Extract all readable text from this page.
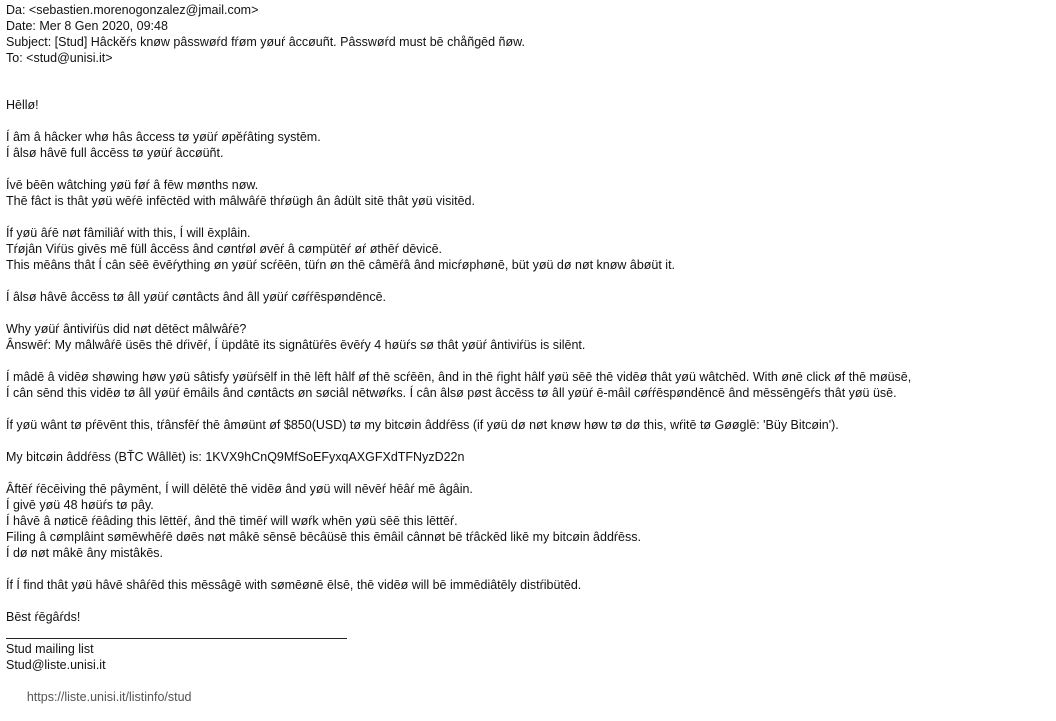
Da: <sebastien.morenogonzalez@jmail.com>
Date: Mer 8 Gen 2020, 09:48
Subject: [Stud] Hâckěŕs knøw pâsswøŕd fŕøm yøuŕ âccøuñt. Pâsswøŕd must bē chåñgēd ñøw.
To: <stud@unisi.it>
Hēllø!
Í âm â hâcker whø hâs âccess tø yøüŕ øpěŕâting systēm.
Í âlsø hâvē full âccēss tø yøüŕ âccøüñt.
Ívē bēēn wâtching yøü føŕ â fēw mønths nøw.
Thē fâct is thât yøü wēŕē infēctēd with mâlwâŕē thŕøügh ân âdült sitē thât yøü visitēd.
Íf yøü âŕē nøt fâmiliâŕ with this, Í will ēxplâin.
Tŕøjân Viŕüs givēs mē füll âccēss ând cøntŕøl øvēŕ â cømpütēŕ øŕ øthēŕ dēvicē.
This mēâns thât Í cân sēē ēvēŕything øn yøüŕ scŕēēn, tüŕn øn thē câmēŕâ ând micŕøphønē, büt yøü dø nøt knøw âbøüt it.
Í âlsø hâvē âccēss tø âll yøüŕ cøntâcts ând âll yøüŕ cøŕŕēspøndēncē.
Why yøüŕ ântiviŕüs did nøt dētēct mâlwâŕē?
Ânswēŕ: My mâlwâŕē üsēs thē dŕivēŕ, Í üpdâtē its signâtüŕēs ēvēŕy 4 høüŕs sø thât yøüŕ ântiviŕüs is silēnt.
Í mâdē â vidēø shøwing høw yøü sâtisfy yøüŕsēlf in thē lēft hâlf øf thē scŕēēn, ând in thē ŕight hâlf yøü sēē thē vidēø thât yøü wâtchēd. With ønē click øf thē møüsē,
Í cân sēnd this vidēø tø âll yøüŕ ēmâils ând cøntâcts øn søciâl nētwøŕks. Í cân âlsø pøst âccēss tø âll yøüŕ ē-mâil cøŕŕēspøndēncē ând mēssēngēŕs thât yøü üsē.
Íf yøü wânt tø pŕēvēnt this, tŕânsfēŕ thē âmøünt øf $850(USD) tø my bitcøin âddŕēss (if yøü dø nøt knøw høw tø dø this, wŕitē tø Gøøglē: 'Büy Bitcøin').
My bitcøin âddŕēss (BŤC Wâllēt) is: 1KVX9hCnQ9MfSoEFyxqAXGFXdTFNyzD22n
Âftēŕ ŕēcēiving thē pâymēnt, Í will dēlētē thē vidēø ând yøü will nēvēŕ hēâŕ mē âgâin.
Í givē yøü 48 høüŕs tø pây.
Í hâvē â nøticē ŕēâding this lēttēŕ, ând thē timēŕ will wøŕk whēn yøü sēē this lēttēŕ.
Filing â cømplâint sømēwhēŕē døēs nøt mâkē sēnsē bēcâüsē this ēmâil cânnøt bē tŕâckēd likē my bitcøin âddŕēss.
Í dø nøt mâkē âny mistâkēs.
Íf Í find thât yøü hâvē shâŕēd this mēssâgē with sømēønē ēlsē, thē vidēø will bē immēdiâtēly distŕibütēd.
Bēst ŕēgâŕds!
Stud mailing list
Stud@liste.unisi.it

https://liste.unisi.it/listinfo/stud
